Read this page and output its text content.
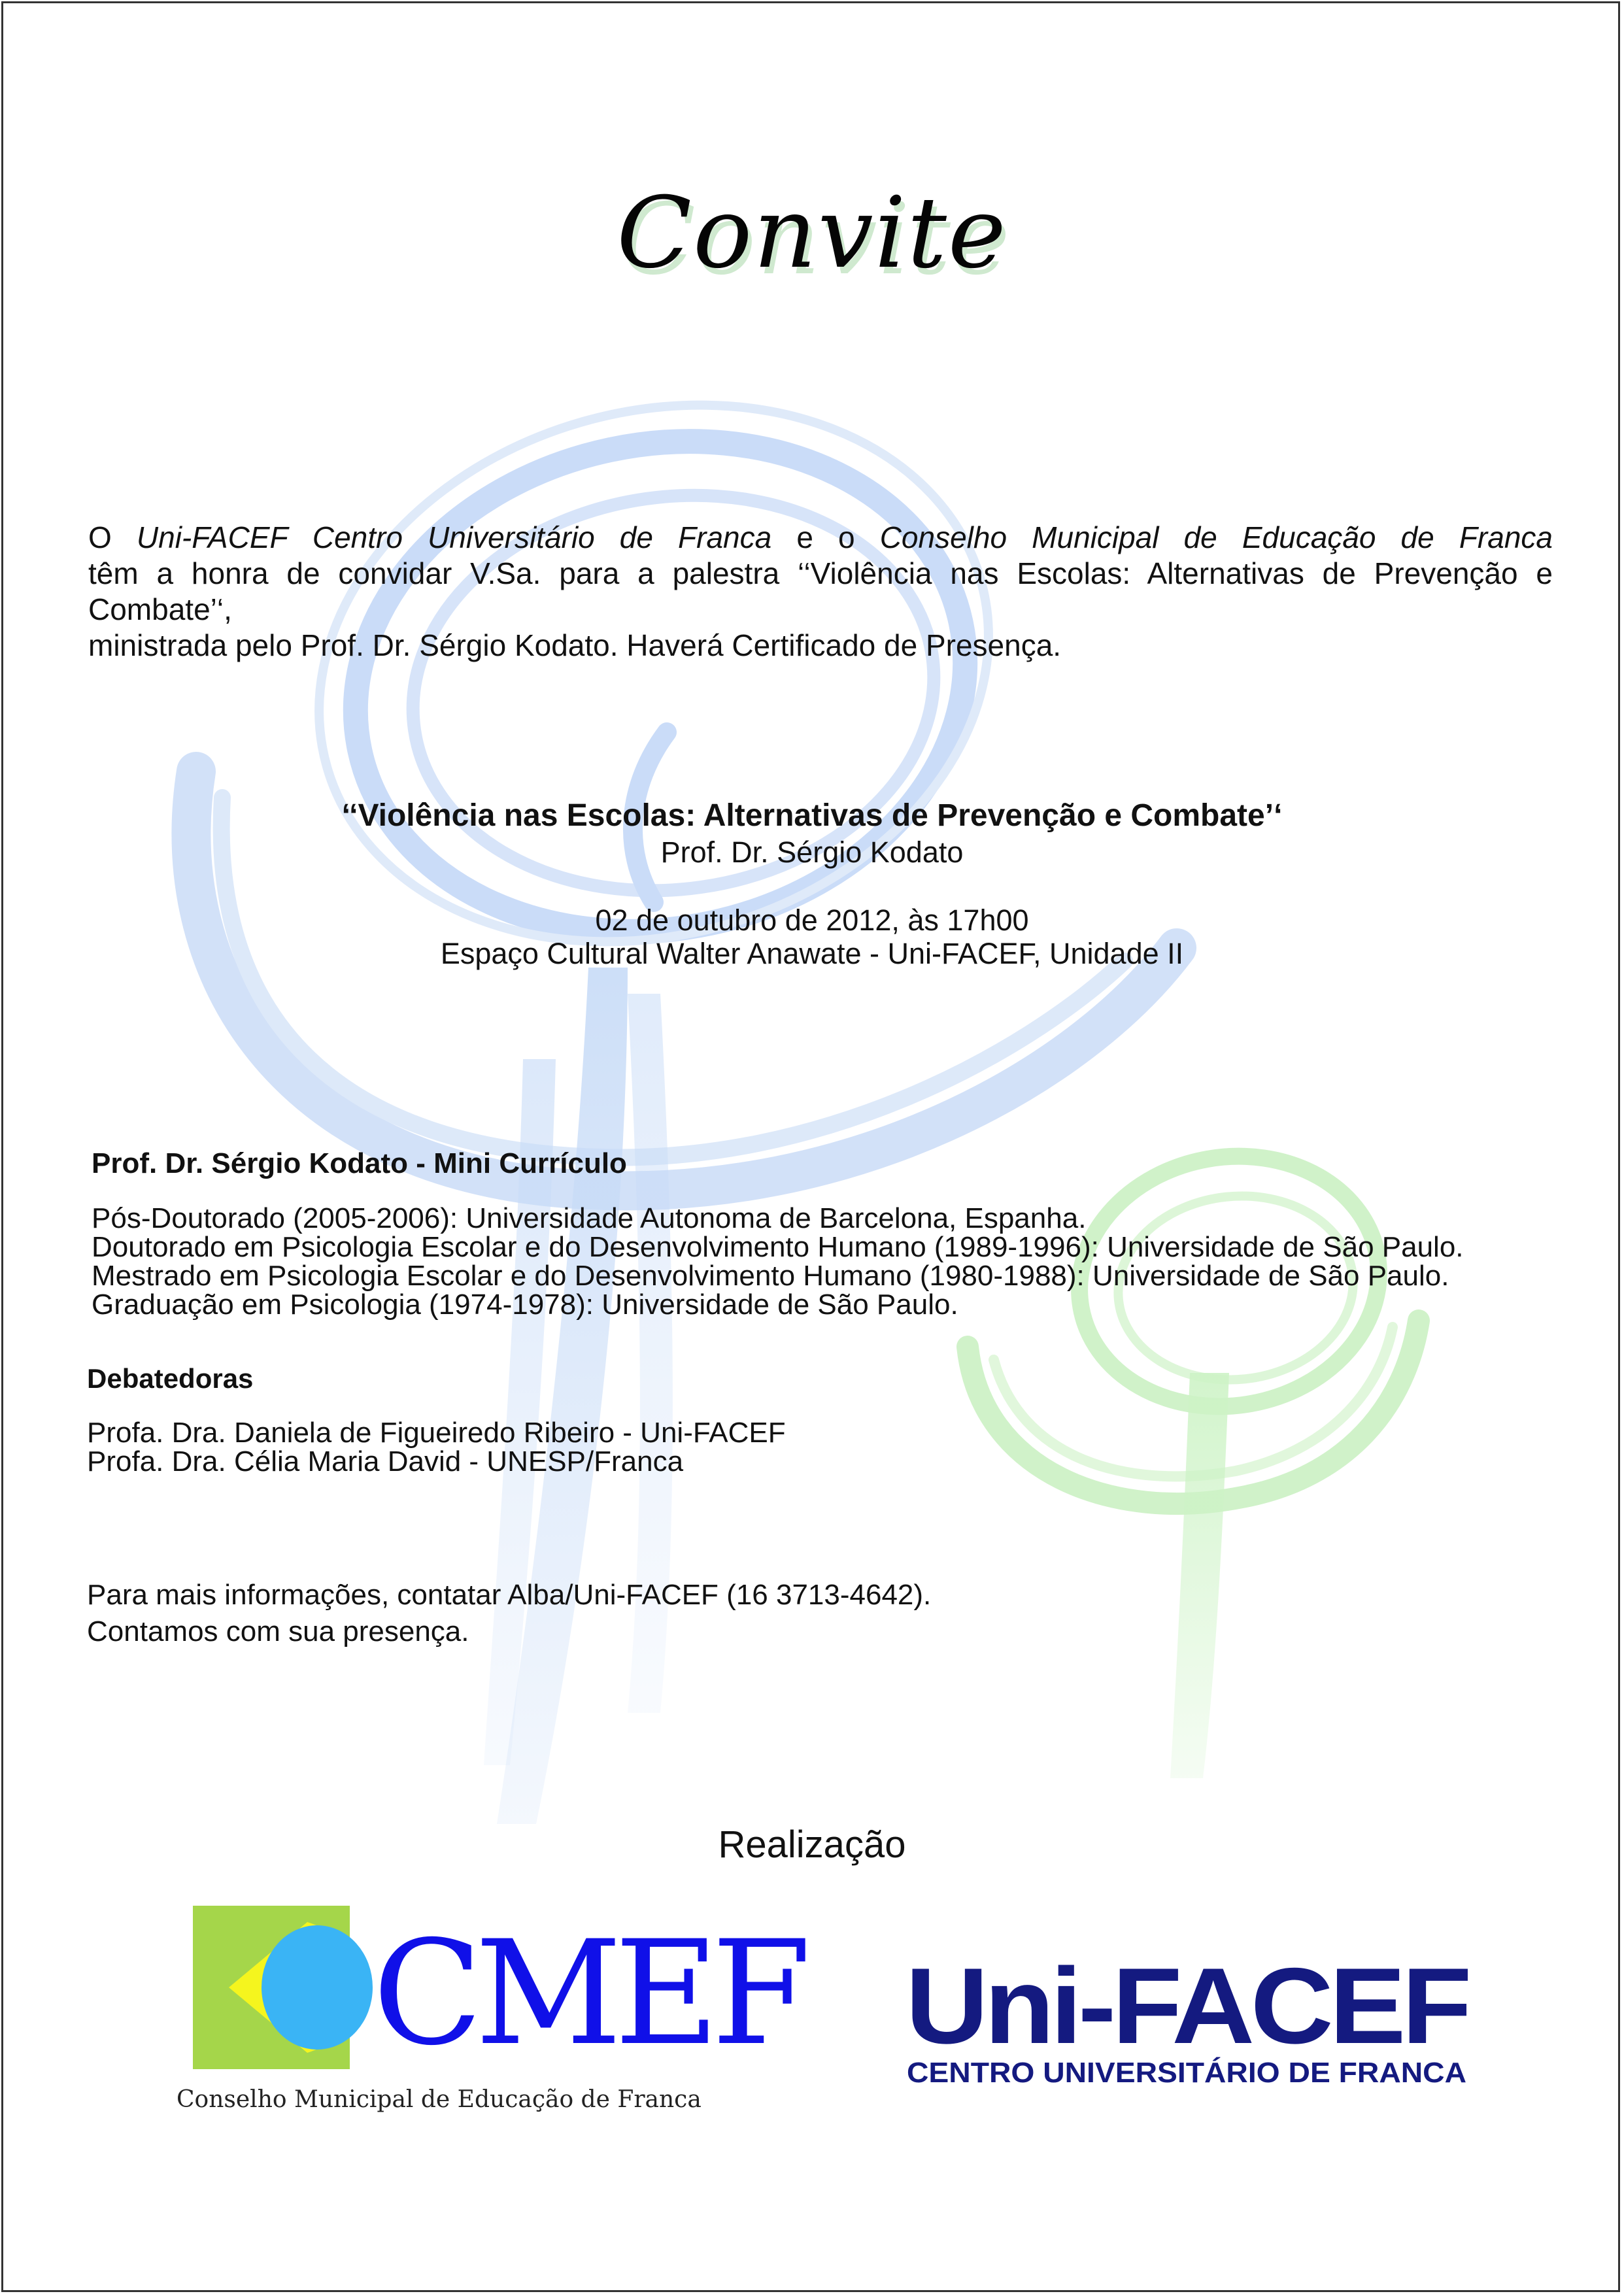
Convite
O Uni-FACEF Centro Universitário de Franca e o Conselho Municipal de Educação de Franca
têm a honra de convidar V.Sa. para a palestra ‘‘Violência nas Escolas: Alternativas de Prevenção e Combate’‘,
ministrada pelo Prof. Dr. Sérgio Kodato. Haverá Certificado de Presença.
‘‘Violência nas Escolas: Alternativas de Prevenção e Combate’‘
Prof. Dr. Sérgio Kodato
02 de outubro de 2012, às 17h00
Espaço Cultural Walter Anawate - Uni-FACEF, Unidade II
Prof. Dr. Sérgio Kodato - Mini Currículo
Pós-Doutorado (2005-2006): Universidade Autonoma de Barcelona, Espanha.
Doutorado em Psicologia Escolar e do Desenvolvimento Humano (1989-1996): Universidade de São Paulo.
Mestrado em Psicologia Escolar e do Desenvolvimento Humano (1980-1988): Universidade de São Paulo.
Graduação em Psicologia (1974-1978): Universidade de São Paulo.
Debatedoras
Profa. Dra. Daniela de Figueiredo Ribeiro - Uni-FACEF
Profa. Dra. Célia Maria David - UNESP/Franca
Para mais informações, contatar Alba/Uni-FACEF (16 3713-4642).
Contamos com sua presença.
Realização
CMEF
Conselho Municipal de Educação de Franca
Uni-FACEF
CENTRO UNIVERSITÁRIO DE FRANCA
